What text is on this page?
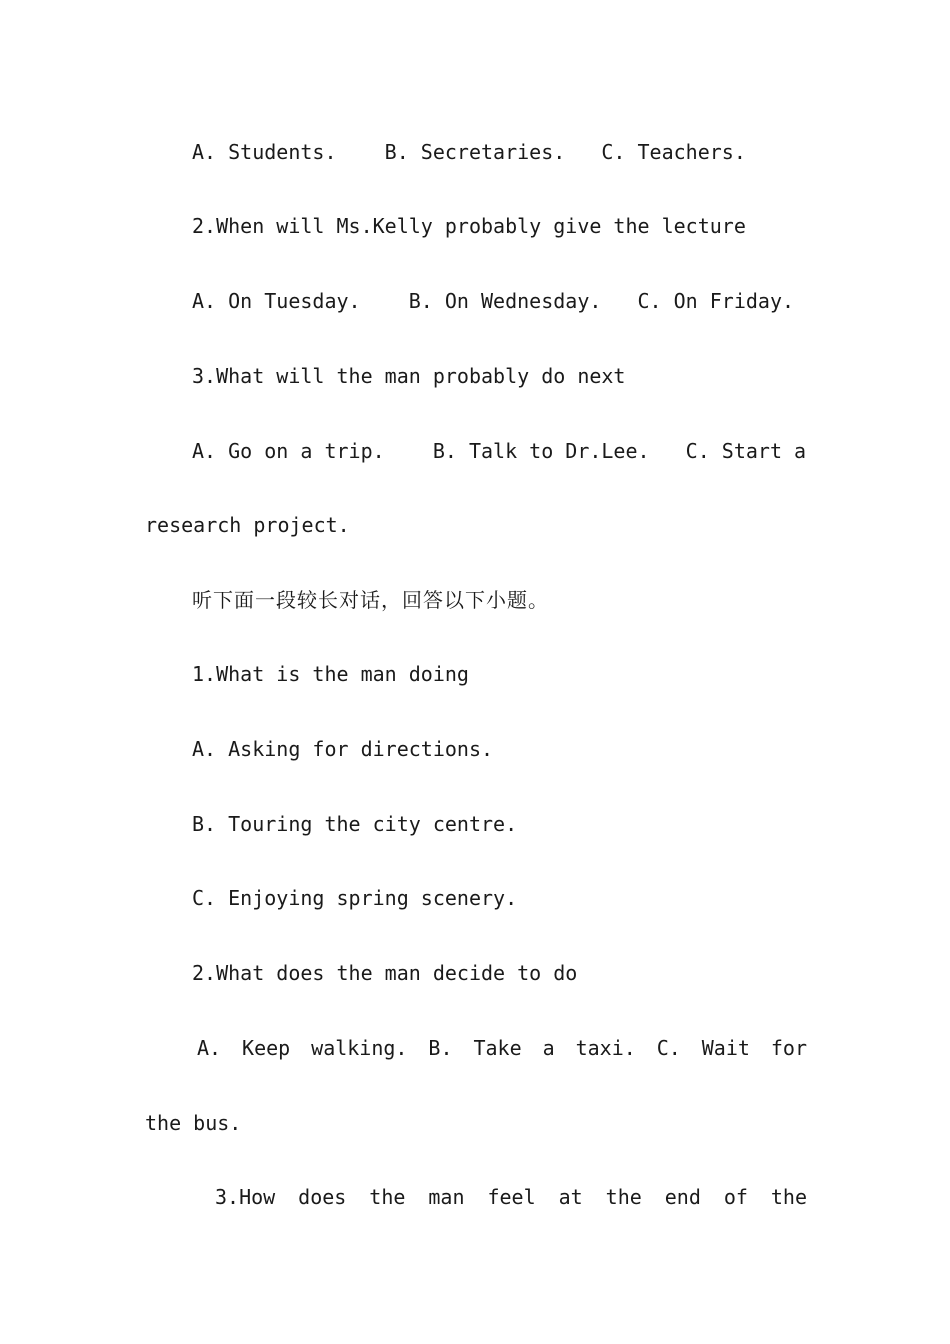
A. Students.    B. Secretaries.   C. Teachers.
2.When will Ms.Kelly probably give the lecture
A. On Tuesday.    B. On Wednesday.   C. On Friday.
3.What will the man probably do next
A. Go on a trip.    B. Talk to Dr.Lee.   C. Start a
research project.
听下面一段较长对话，回答以下小题。
1.What is the man doing
A. Asking for directions.
B. Touring the city centre.
C. Enjoying spring scenery.
2.What does the man decide to do
A. Keep walking. B. Take a taxi. C. Wait for
the bus.
3.How does the man feel at the end of the
